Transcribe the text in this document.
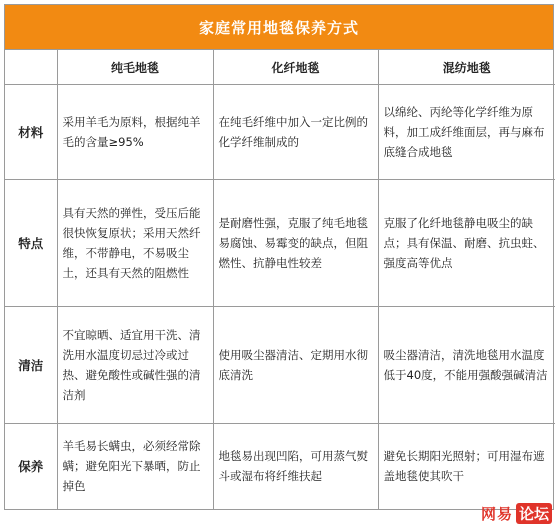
家庭常用地毯保养方式
	纯毛地毯	化纤地毯	混纺地毯
材料	采用羊毛为原料，根据纯羊毛的含量≥95%	在纯毛纤维中加入一定比例的化学纤维制成的	以绵纶、丙纶等化学纤维为原料，加工成纤维面层，再与麻布底缝合成地毯
特点	具有天然的弹性，受压后能很快恢复原状；采用天然纤维，不带静电，不易吸尘土，还具有天然的阻燃性	是耐磨性强，克服了纯毛地毯易腐蚀、易霉变的缺点，但阻燃性、抗静电性较差	克服了化纤地毯静电吸尘的缺点；具有保温、耐磨、抗虫蛀、强度高等优点
清洁	不宜晾晒、适宜用干洗、清洗用水温度切忌过冷或过热、避免酸性或碱性强的清洁剂	使用吸尘器清洁、定期用水彻底清洗	吸尘器清洁，清洗地毯用水温度低于40度，不能用强酸强碱清洁
保养	羊毛易长螨虫，必须经常除螨；避免阳光下暴晒，防止掉色	地毯易出现凹陷，可用蒸气熨斗或湿布将纤维扶起	避免长期阳光照射；可用湿布遮盖地毯使其吹干
网易 论坛
